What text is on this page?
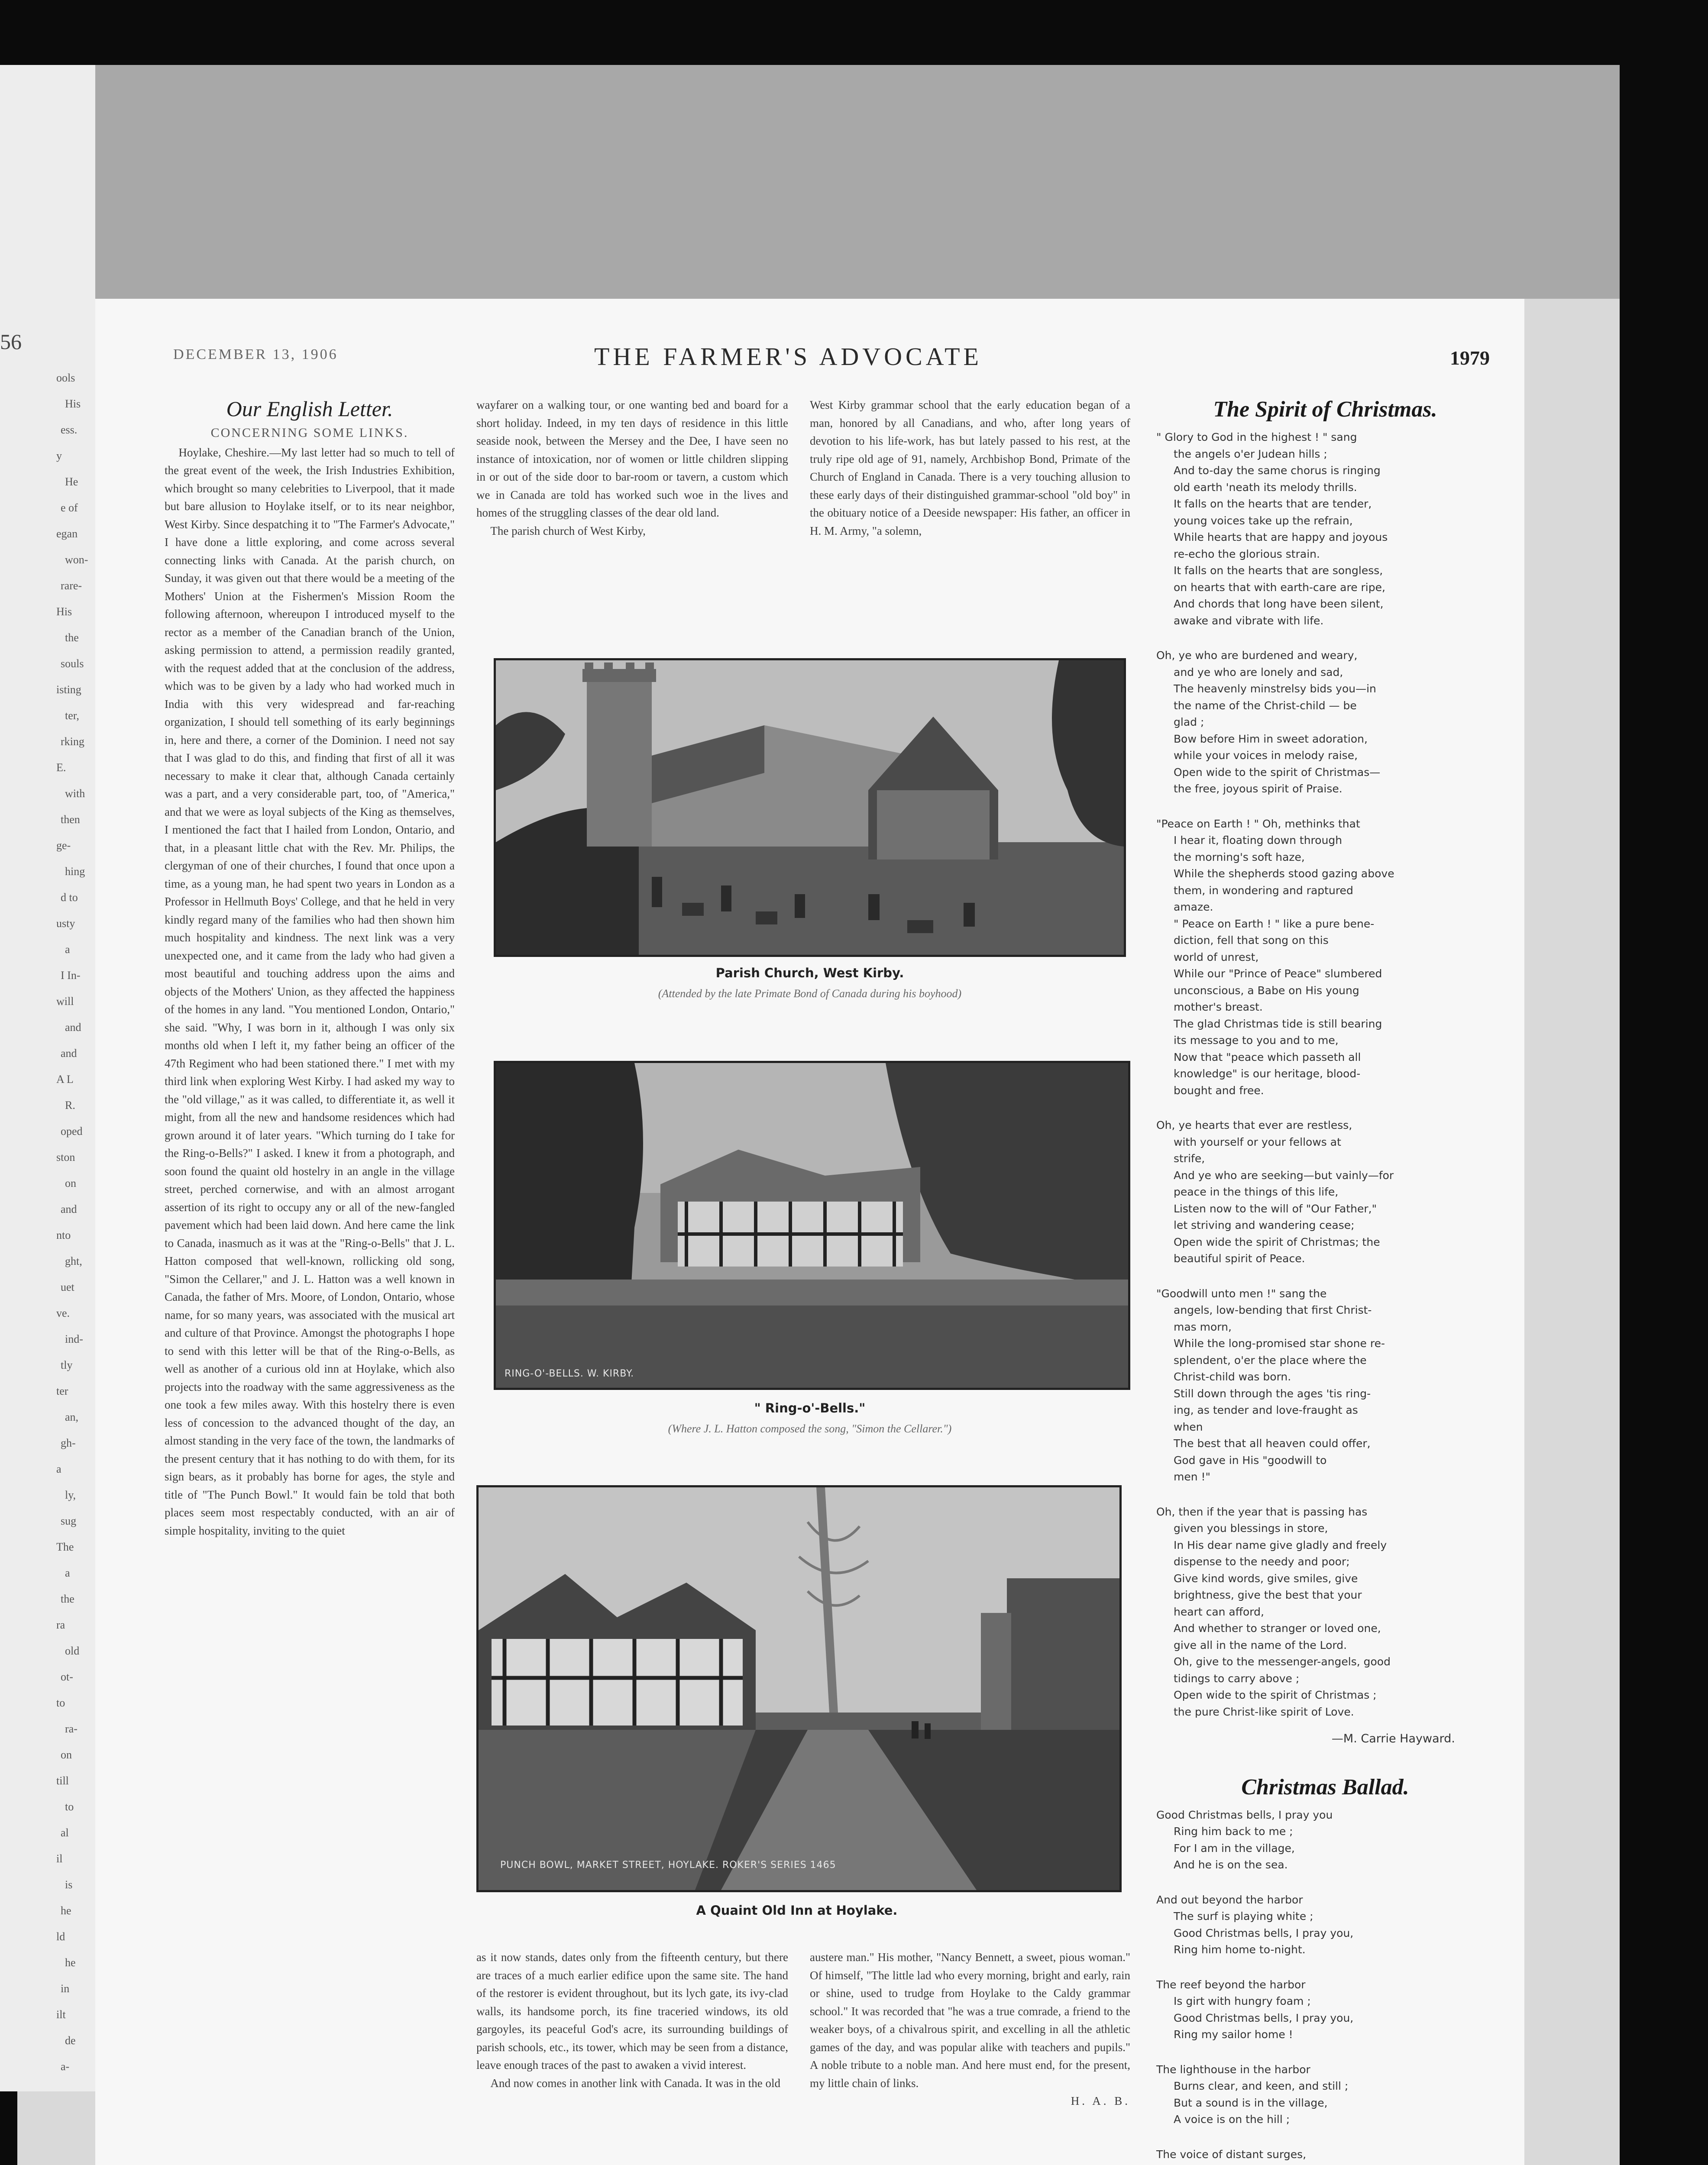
56
ools
His
ess.
y
He
e of
egan
won-
rare-
His
the
souls
isting
ter,
rking
E.
with
then
ge-
hing
d to
usty
a
I In-
will
and
and
A L
R.
oped
ston
on
and
nto
ght,
uet
ve.
ind-
tly
ter
an,
gh-
a
ly,
sug
The
a
the
ra
old
ot-
to
ra-
on
till
to
al
il
is
he
ld
he
in
ilt
de
a-
DECEMBER 13, 1906	THE FARMER'S ADVOCATE	1979
Our English Letter.
CONCERNING SOME LINKS.

Hoylake, Cheshire.—My last letter had so much to tell of the great event of the week, the Irish Industries Exhibition, which brought so many celebrities to Liverpool, that it made but bare allusion to Hoylake itself, or to its near neighbor, West Kirby. Since despatching it to "The Farmer's Advocate," I have done a little exploring, and come across several connecting links with Canada. At the parish church, on Sunday, it was given out that there would be a meeting of the Mothers' Union at the Fishermen's Mission Room the following afternoon, whereupon I introduced myself to the rector as a member of the Canadian branch of the Union, asking permission to attend, a permission readily granted, with the request added that at the conclusion of the address, which was to be given by a lady who had worked much in India with this very widespread and far-reaching organization, I should tell something of its early beginnings in, here and there, a corner of the Dominion. I need not say that I was glad to do this, and finding that first of all it was necessary to make it clear that, although Canada certainly was a part, and a very considerable part, too, of "America," and that we were as loyal subjects of the King as themselves, I mentioned the fact that I hailed from London, Ontario, and that, in a pleasant little chat with the Rev. Mr. Philips, the clergyman of one of their churches, I found that once upon a time, as a young man, he had spent two years in London as a Professor in Hellmuth Boys' College, and that he held in very kindly regard many of the families who had then shown him much hospitality and kindness. The next link was a very unexpected one, and it came from the lady who had given a most beautiful and touching address upon the aims and objects of the Mothers' Union, as they affected the happiness of the homes in any land. "You mentioned London, Ontario," she said. "Why, I was born in it, although I was only six months old when I left it, my father being an officer of the 47th Regiment who had been stationed there." I met with my third link when exploring West Kirby. I had asked my way to the "old village," as it was called, to differentiate it, as well it might, from all the new and handsome residences which had grown around it of later years. "Which turning do I take for the Ring-o-Bells?" I asked. I knew it from a photograph, and soon found the quaint old hostelry in an angle in the village street, perched cornerwise, and with an almost arrogant assertion of its right to occupy any or all of the new-fangled pavement which had been laid down. And here came the link to Canada, inasmuch as it was at the "Ring-o-Bells" that J. L. Hatton composed that well-known, rollicking old song, "Simon the Cellarer," and J. L. Hatton was a well known in Canada, the father of Mrs. Moore, of London, Ontario, whose name, for so many years, was associated with the musical art and culture of that Province. Amongst the photographs I hope to send with this letter will be that of the Ring-o-Bells, as well as another of a curious old inn at Hoylake, which also projects into the roadway with the same aggressiveness as the one took a few miles away. With this hostelry there is even less of concession to the advanced thought of the day, an almost standing in the very face of the town, the landmarks of the present century that it has nothing to do with them, for its sign bears, as it probably has borne for ages, the style and title of "The Punch Bowl." It would fain be told that both places seem most respectably conducted, with an air of simple hospitality, inviting to the quiet

wayfarer on a walking tour, or one wanting bed and board for a short holiday. Indeed, in my ten days of residence in this little seaside nook, between the Mersey and the Dee, I have seen no instance of intoxication, nor of women or little children slipping in or out of the side door to bar-room or tavern, a custom which we in Canada are told has worked such woe in the lives and homes of the struggling classes of the dear old land.

The parish church of West Kirby,

West Kirby grammar school that the early education began of a man, honored by all Canadians, and who, after long years of devotion to his life-work, has but lately passed to his rest, at the truly ripe old age of 91, namely, Archbishop Bond, Primate of the Church of England in Canada. There is a very touching allusion to these early days of their distinguished grammar-school "old boy" in the obituary notice of a Deeside newspaper: His father, an officer in H. M. Army, "a solemn,

Parish Church, West Kirby.
(Attended by the late Primate Bond of Canada during his boyhood)
RING-O'-BELLS. W. KIRBY.
" Ring-o'-Bells."
(Where J. L. Hatton composed the song, "Simon the Cellarer.")
PUNCH BOWL, MARKET STREET, HOYLAKE. ROKER'S SERIES 1465
A Quaint Old Inn at Hoylake.

as it now stands, dates only from the fifteenth century, but there are traces of a much earlier edifice upon the same site. The hand of the restorer is evident throughout, but its lych gate, its ivy-clad walls, its handsome porch, its fine traceried windows, its old gargoyles, its peaceful God's acre, its surrounding buildings of parish schools, etc., its tower, which may be seen from a distance, leave enough traces of the past to awaken a vivid interest.

And now comes in another link with Canada. It was in the old

austere man." His mother, "Nancy Bennett, a sweet, pious woman." Of himself, "The little lad who every morning, bright and early, rain or shine, used to trudge from Hoylake to the Caldy grammar school." It was recorded that "he was a true comrade, a friend to the weaker boys, of a chivalrous spirit, and excelling in all the athletic games of the day, and was popular alike with teachers and pupils." A noble tribute to a noble man. And here must end, for the present, my little chain of links.

H. A. B.

The Spirit of Christmas.
" Glory to God in the highest ! " sang
the angels o'er Judean hills ;
And to-day the same chorus is ringing
old earth 'neath its melody thrills.
It falls on the hearts that are tender,
young voices take up the refrain,
While hearts that are happy and joyous
re-echo the glorious strain.
It falls on the hearts that are songless,
on hearts that with earth-care are ripe,
And chords that long have been silent,
awake and vibrate with life.
Oh, ye who are burdened and weary,
and ye who are lonely and sad,
The heavenly minstrelsy bids you—in
the name of the Christ-child — be
glad ;
Bow before Him in sweet adoration,
while your voices in melody raise,
Open wide to the spirit of Christmas—
the free, joyous spirit of Praise.
"Peace on Earth ! " Oh, methinks that
I hear it, floating down through
the morning's soft haze,
While the shepherds stood gazing above
them, in wondering and raptured
amaze.
" Peace on Earth ! " like a pure bene-
diction, fell that song on this
world of unrest,
While our "Prince of Peace" slumbered
unconscious, a Babe on His young
mother's breast.
The glad Christmas tide is still bearing
its message to you and to me,
Now that "peace which passeth all
knowledge" is our heritage, blood-
bought and free.
Oh, ye hearts that ever are restless,
with yourself or your fellows at
strife,
And ye who are seeking—but vainly—for
peace in the things of this life,
Listen now to the will of "Our Father,"
let striving and wandering cease;
Open wide the spirit of Christmas; the
beautiful spirit of Peace.
"Goodwill unto men !" sang the
angels, low-bending that first Christ-
mas morn,
While the long-promised star shone re-
splendent, o'er the place where the
Christ-child was born.
Still down through the ages 'tis ring-
ing, as tender and love-fraught as
when
The best that all heaven could offer,
God gave in His "goodwill to
men !"
Oh, then if the year that is passing has
given you blessings in store,
In His dear name give gladly and freely
dispense to the needy and poor;
Give kind words, give smiles, give
brightness, give the best that your
heart can afford,
And whether to stranger or loved one,
give all in the name of the Lord.
Oh, give to the messenger-angels, good
tidings to carry above ;
Open wide to the spirit of Christmas ;
the pure Christ-like spirit of Love.
—M. Carrie Hayward.
Christmas Ballad.
Good Christmas bells, I pray you
Ring him back to me ;
For I am in the village,
And he is on the sea.
And out beyond the harbor
The surf is playing white ;
Good Christmas bells, I pray you,
Ring him home to-night.
The reef beyond the harbor
Is girt with hungry foam ;
Good Christmas bells, I pray you,
Ring my sailor home !
The lighthouse in the harbor
Burns clear, and keen, and still ;
But a sound is in the village,
A voice is on the hill ;
The voice of distant surges,
